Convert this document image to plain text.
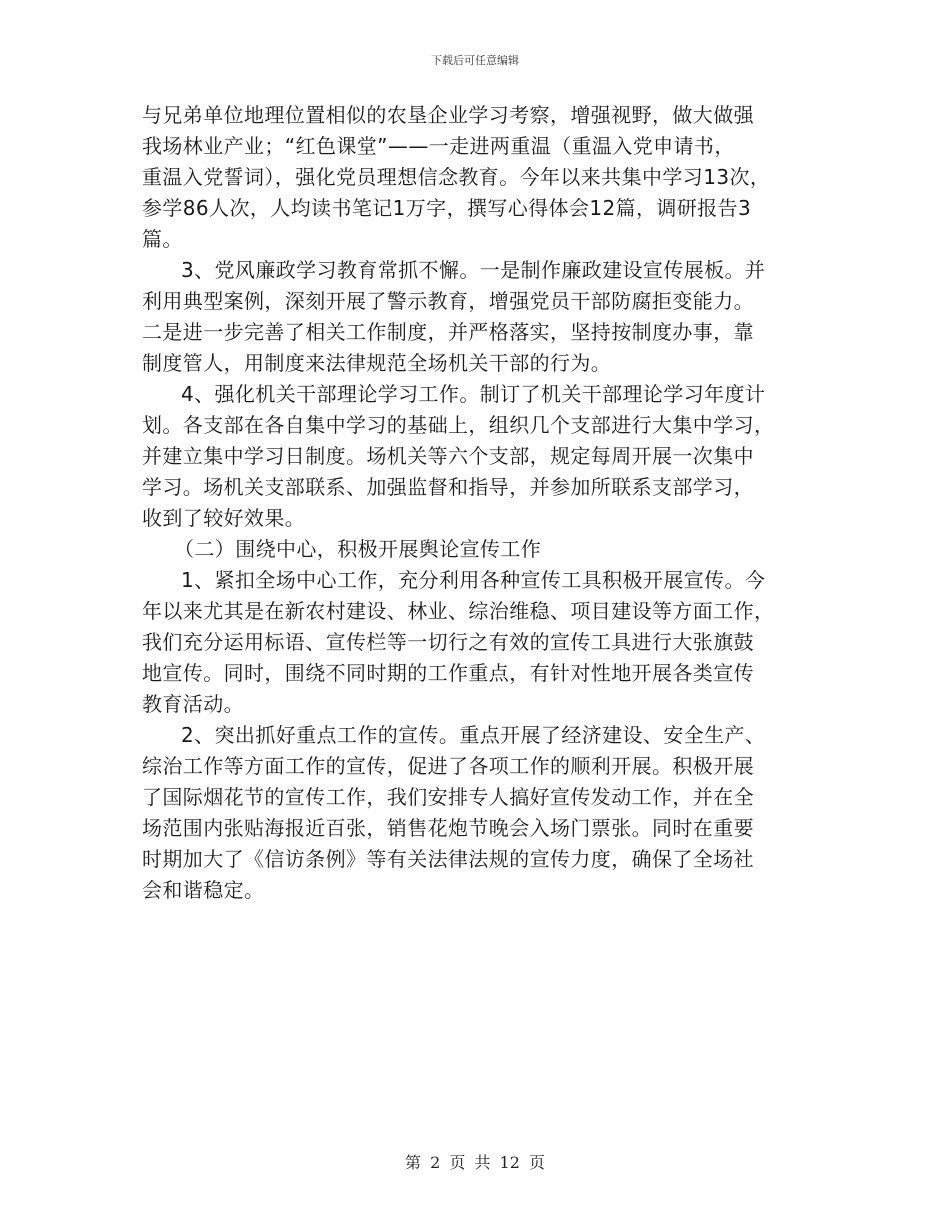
下载后可任意编辑
与兄弟单位地理位置相似的农垦企业学习考察，增强视野，做大做强
我场林业产业；“红色课堂”——一走进两重温（重温入党申请书，
重温入党誓词），强化党员理想信念教育。今年以来共集中学习13次，
参学86人次，人均读书笔记1万字，撰写心得体会12篇，调研报告3
篇。
3、党风廉政学习教育常抓不懈。一是制作廉政建设宣传展板。并
利用典型案例，深刻开展了警示教育，增强党员干部防腐拒变能力。
二是进一步完善了相关工作制度，并严格落实，坚持按制度办事，靠
制度管人，用制度来法律规范全场机关干部的行为。
4、强化机关干部理论学习工作。制订了机关干部理论学习年度计
划。各支部在各自集中学习的基础上，组织几个支部进行大集中学习，
并建立集中学习日制度。场机关等六个支部，规定每周开展一次集中
学习。场机关支部联系、加强监督和指导，并参加所联系支部学习，
收到了较好效果。
（二）围绕中心，积极开展舆论宣传工作
1、紧扣全场中心工作，充分利用各种宣传工具积极开展宣传。今
年以来尤其是在新农村建设、林业、综治维稳、项目建设等方面工作，
我们充分运用标语、宣传栏等一切行之有效的宣传工具进行大张旗鼓
地宣传。同时，围绕不同时期的工作重点，有针对性地开展各类宣传
教育活动。
2、突出抓好重点工作的宣传。重点开展了经济建设、安全生产、
综治工作等方面工作的宣传，促进了各项工作的顺利开展。积极开展
了国际烟花节的宣传工作，我们安排专人搞好宣传发动工作，并在全
场范围内张贴海报近百张，销售花炮节晚会入场门票张。同时在重要
时期加大了《信访条例》等有关法律法规的宣传力度，确保了全场社
会和谐稳定。
第 2 页 共 12 页
